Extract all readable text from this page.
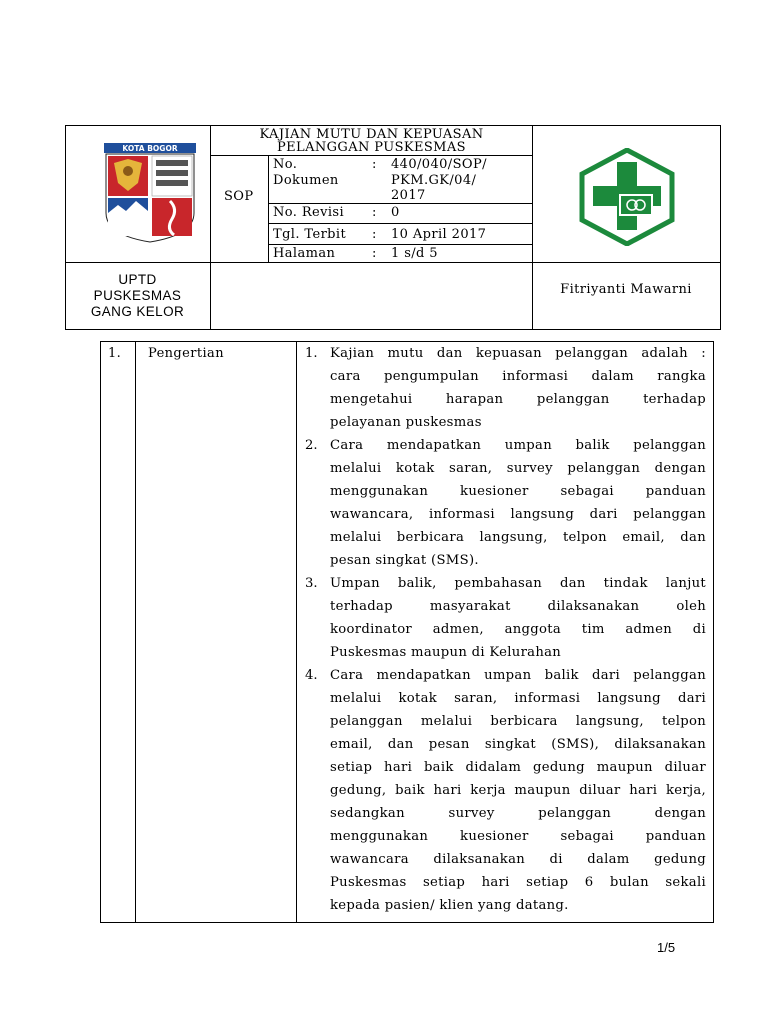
KOTA BOGOR
KAJIAN MUTU DAN KEPUASAN
PELANGGAN PUSKESMAS
SOP
No.
Dokumen
: 440/040/SOP/
PKM.GK/04/
2017
No. Revisi : 0
Tgl. Terbit : 10 April 2017
Halaman	: 1 s/d 5
UPTD
PUSKESMAS
GANG KELOR
Fitriyanti Mawarni
1. Pengertian	1. Kajian mutu dan kepuasan pelanggan adalah :
cara pengumpulan informasi dalam rangka
mengetahui harapan pelanggan terhadap
pelayanan puskesmas
2. Cara mendapatkan umpan balik pelanggan
melalui kotak saran, survey pelanggan dengan
menggunakan kuesioner sebagai panduan
wawancara, informasi langsung dari pelanggan
melalui berbicara langsung, telpon email, dan
pesan singkat (SMS).
3. Umpan balik, pembahasan dan tindak lanjut
terhadap masyarakat dilaksanakan oleh
koordinator admen, anggota tim admen di
Puskesmas maupun di Kelurahan
4. Cara mendapatkan umpan balik dari pelanggan
melalui kotak saran, informasi langsung dari
pelanggan melalui berbicara langsung, telpon
email, dan pesan singkat (SMS), dilaksanakan
setiap hari baik didalam gedung maupun diluar
gedung, baik hari kerja maupun diluar hari kerja,
sedangkan survey pelanggan dengan
menggunakan kuesioner sebagai panduan
wawancara dilaksanakan di dalam gedung
Puskesmas setiap hari setiap 6 bulan sekali
kepada pasien/ klien yang datang.
1/5
